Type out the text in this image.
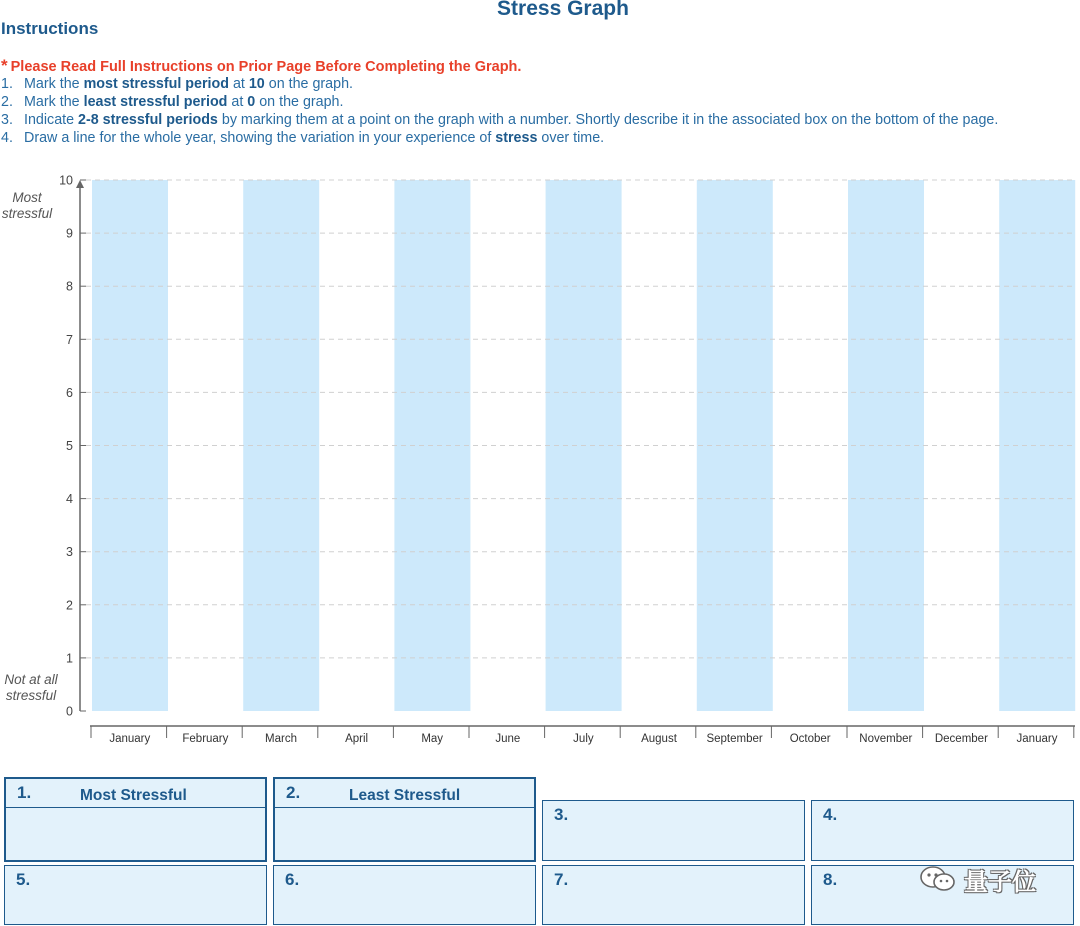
Stress Graph
Instructions
* Please Read Full Instructions on Prior Page Before Completing the Graph.
1. Mark the most stressful period at 10 on the graph.
2. Mark the least stressful period at 0 on the graph.
3. Indicate 2-8 stressful periods by marking them at a point on the graph with a number. Shortly describe it in the associated box on the bottom of the page.
4. Draw a line for the whole year, showing the variation in your experience of stress over time.
Most
stressful
Not at all
stressful
0
1
2
3
4
5
6
7
8
9
10
January	February	March	April	May	June	July	August	September October November December January
1.	Most Stressful	2.	Least Stressful
3.	4.
5.	6.	7.	8.	量子位
